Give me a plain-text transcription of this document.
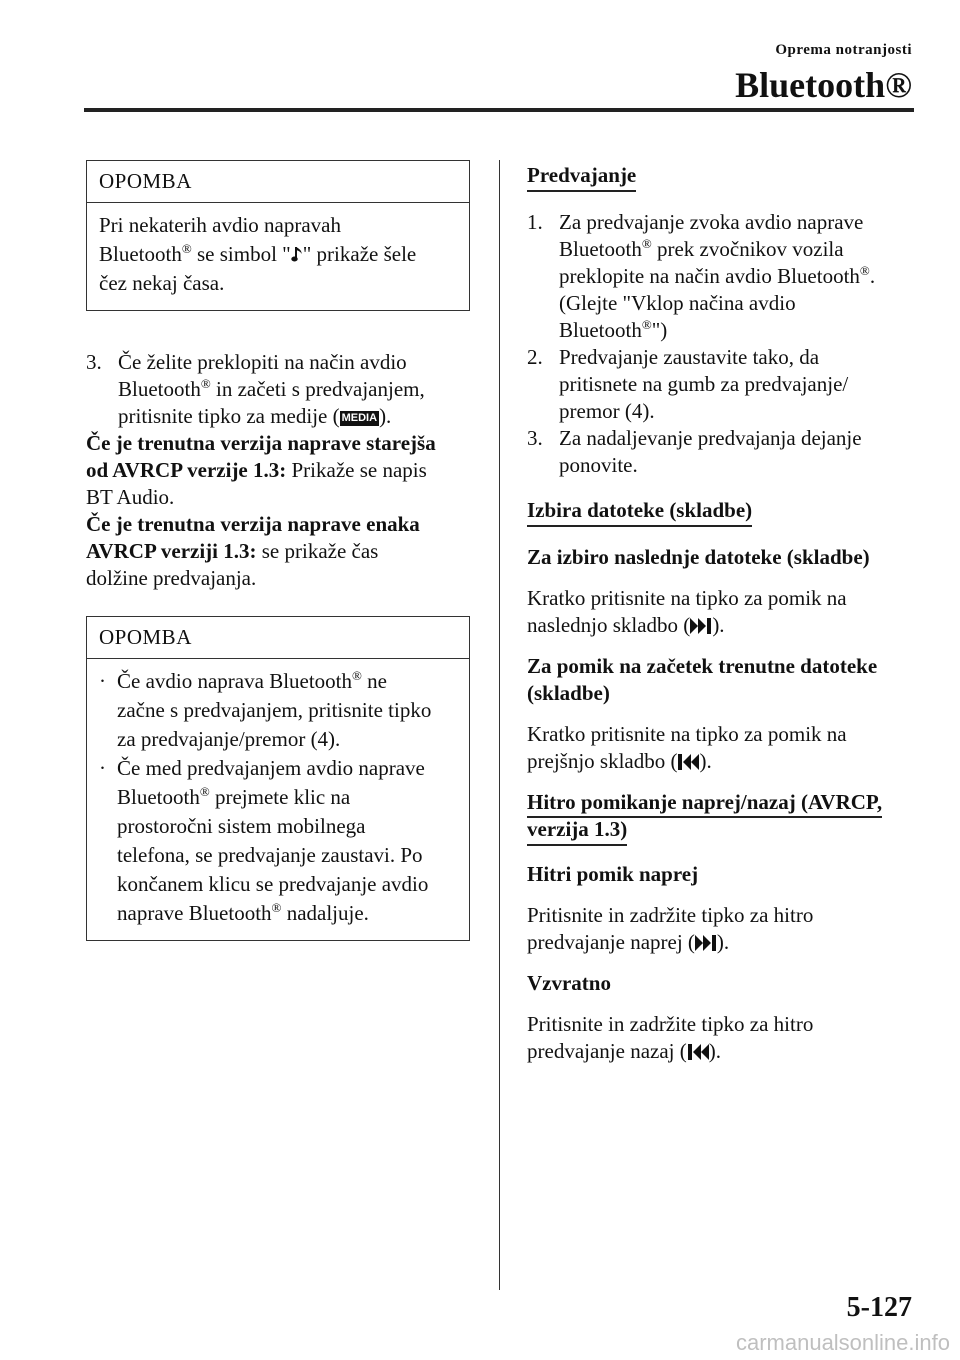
Oprema notranjosti
Bluetooth®
OPOMBA
Pri nekaterih avdio napravah
Bluetooth® se simbol " " prikaže šele
čez nekaj časa.
3. Če želite preklopiti na način avdio
Bluetooth® in začeti s predvajanjem,
pritisnite tipko za medije ( MEDIA).
Če je trenutna verzija naprave starejša
od AVRCP verzije 1.3: Prikaže se napis
BT Audio.
Če je trenutna verzija naprave enaka
AVRCP verziji 1.3: se prikaže čas
dolžine predvajanja.
OPOMBA
· Če avdio naprava Bluetooth® ne
začne s predvajanjem, pritisnite tipko
za predvajanje/premor (4).
· Če med predvajanjem avdio naprave
Bluetooth® prejmete klic na
prostoročni sistem mobilnega
telefona, se predvajanje zaustavi. Po
končanem klicu se predvajanje avdio
naprave Bluetooth® nadaljuje.
Predvajanje
1. Za predvajanje zvoka avdio naprave
Bluetooth® prek zvočnikov vozila
preklopite na način avdio Bluetooth®.
(Glejte "Vklop načina avdio
Bluetooth®")
2. Predvajanje zaustavite tako, da
pritisnete na gumb za predvajanje/
premor (4).
3. Za nadaljevanje predvajanja dejanje
ponovite.
Izbira datoteke (skladbe)
Za izbiro naslednje datoteke (skladbe)
Kratko pritisnite na tipko za pomik na
naslednjo skladbo ( ).
Za pomik na začetek trenutne datoteke
(skladbe)
Kratko pritisnite na tipko za pomik na
prejšnjo skladbo ( ).
Hitro pomikanje naprej/nazaj (AVRCP,
verzija 1.3)
Hitri pomik naprej
Pritisnite in zadržite tipko za hitro
predvajanje naprej ( ).
Vzvratno
Pritisnite in zadržite tipko za hitro
predvajanje nazaj ( ).
5-127
carmanualsonline.info
